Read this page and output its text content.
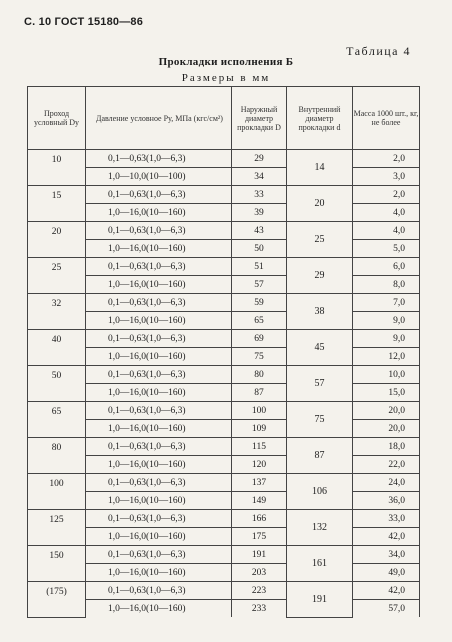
С. 10 ГОСТ 15180—86
Таблица 4
Прокладки исполнения Б
Размеры в мм
Проход условный Dу	Давление условное Pу, МПа (кгс/см²)	Наружный диаметр прокладки D	Внутренний диаметр прокладки d	Масса 1000 шт., кг, не более
10	0,1—0,63(1,0—6,3)	29	14	2,0
	1,0—10,0(10—100)	34		3,0
15	0,1—0,63(1,0—6,3)	33	20	2,0
	1,0—16,0(10—160)	39		4,0
20	0,1—0,63(1,0—6,3)	43	25	4,0
	1,0—16,0(10—160)	50		5,0
25	0,1—0,63(1,0—6,3)	51	29	6,0
	1,0—16,0(10—160)	57		8,0
32	0,1—0,63(1,0—6,3)	59	38	7,0
	1,0—16,0(10—160)	65		9,0
40	0,1—0,63(1,0—6,3)	69	45	9,0
	1,0—16,0(10—160)	75		12,0
50	0,1—0,63(1,0—6,3)	80	57	10,0
	1,0—16,0(10—160)	87		15,0
65	0,1—0,63(1,0—6,3)	100	75	20,0
	1,0—16,0(10—160)	109		20,0
80	0,1—0,63(1,0—6,3)	115	87	18,0
	1,0—16,0(10—160)	120		22,0
100	0,1—0,63(1,0—6,3)	137	106	24,0
	1,0—16,0(10—160)	149		36,0
125	0,1—0,63(1,0—6,3)	166	132	33,0
	1,0—16,0(10—160)	175		42,0
150	0,1—0,63(1,0—6,3)	191	161	34,0
	1,0—16,0(10—160)	203		49,0
(175)	0,1—0,63(1,0—6,3)	223	191	42,0
	1,0—16,0(10—160)	233		57,0
